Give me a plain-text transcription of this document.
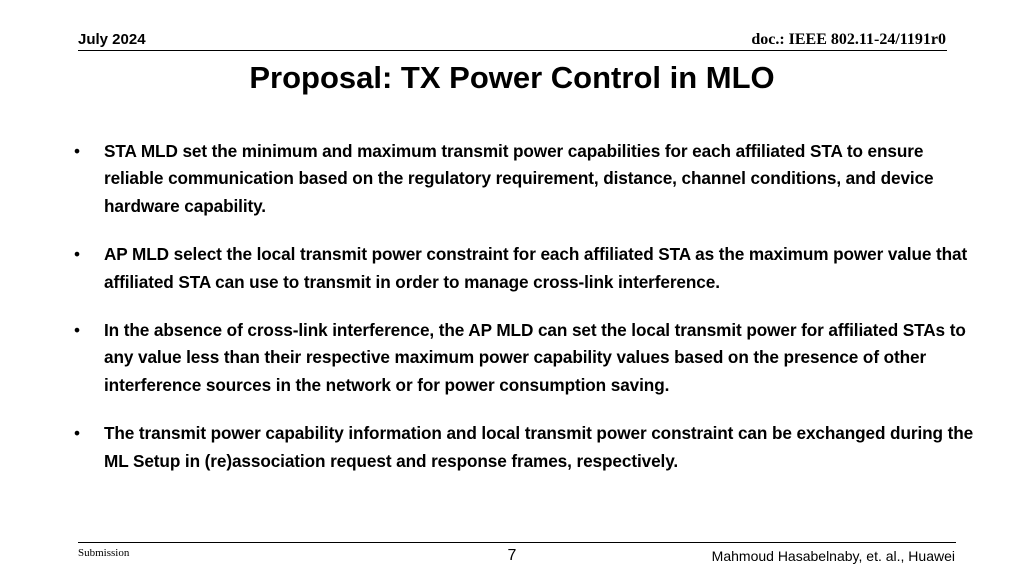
July 2024	doc.: IEEE 802.11-24/1191r0
Proposal: TX Power Control in MLO
• STA MLD set the minimum and maximum transmit power capabilities for each affiliated STA to ensure reliable communication based on the regulatory requirement, distance, channel conditions, and device hardware capability.
• AP MLD select the local transmit power constraint for each affiliated STA as the maximum power value that affiliated STA can use to transmit in order to manage cross-link interference.
• In the absence of cross-link interference, the AP MLD can set the local transmit power for affiliated STAs to any value less than their respective maximum power capability values based on the presence of other interference sources in the network or for power consumption saving.
• The transmit power capability information and local transmit power constraint can be exchanged during the ML Setup in (re)association request and response frames, respectively.
Submission	7	Mahmoud Hasabelnaby, et. al., Huawei
